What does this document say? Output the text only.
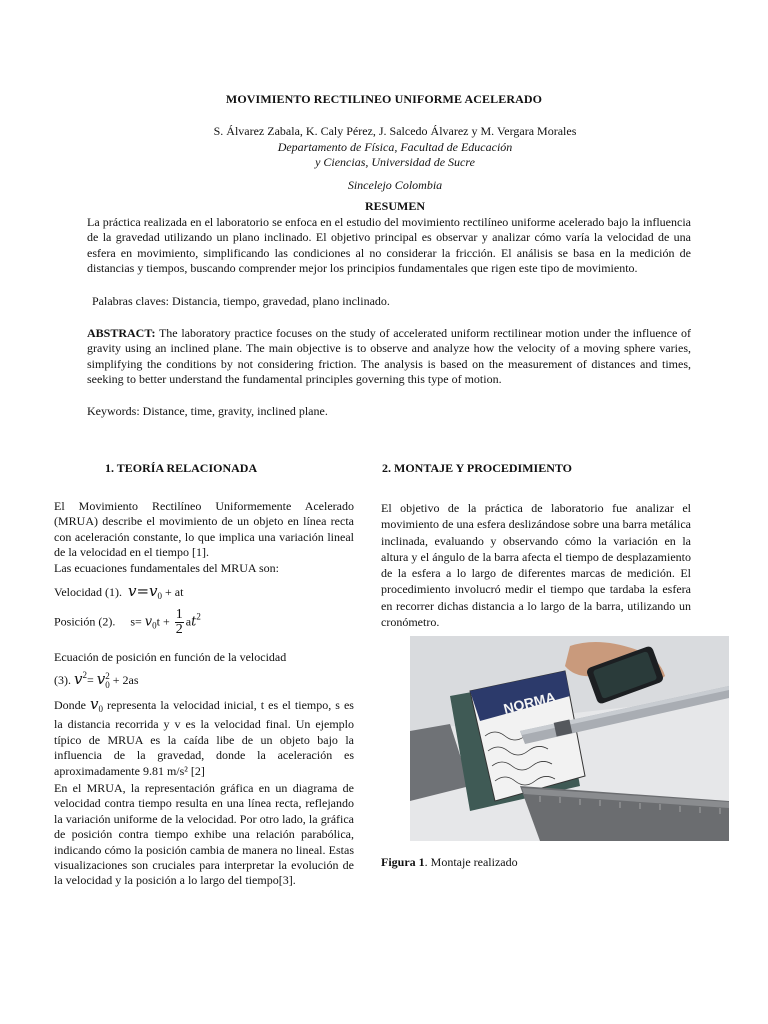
MOVIMIENTO RECTILINEO UNIFORME ACELERADO
S. Álvarez Zabala, K. Caly Pérez, J. Salcedo Álvarez y M. Vergara Morales
Departamento de Física, Facultad de Educación
y Ciencias, Universidad de Sucre
Sincelejo Colombia
RESUMEN
La práctica realizada en el laboratorio se enfoca en el estudio del movimiento rectilíneo uniforme acelerado bajo la influencia de la gravedad utilizando un plano inclinado. El objetivo principal es observar y analizar cómo varía la velocidad de una esfera en movimiento, simplificando las condiciones al no considerar la fricción. El análisis se basa en la medición de distancias y tiempos, buscando comprender mejor los principios fundamentales que rigen este tipo de movimiento.
Palabras claves: Distancia, tiempo, gravedad, plano inclinado.
ABSTRACT: The laboratory practice focuses on the study of accelerated uniform rectilinear motion under the influence of gravity using an inclined plane. The main objective is to observe and analyze how the velocity of a moving sphere varies, simplifying the conditions by not considering friction. The analysis is based on the measurement of distances and times, seeking to better understand the fundamental principles governing this type of motion.
Keywords: Distance, time, gravity, inclined plane.
1. TEORÍA RELACIONADA
El Movimiento Rectilíneo Uniformemente Acelerado (MRUA) describe el movimiento de un objeto en línea recta con aceleración constante, lo que implica una variación lineal de la velocidad en el tiempo [1].
Las ecuaciones fundamentales del MRUA son:
Velocidad (1). $v=v_0$ + at
Posición (2). $s= v_0t + \frac{1}{2} at^2$
Ecuación de posición en función de la velocidad
(3). $v^2= v$ 2
0 + 2as
Donde $v_0$ representa la velocidad inicial, t es el tiempo, s es la distancia recorrida y v es la velocidad final. Un ejemplo típico de MRUA es la caída libe de un objeto bajo la influencia de la gravedad, donde la aceleración es aproximadamente 9.81 m/s² [2]
En el MRUA, la representación gráfica en un diagrama de velocidad contra tiempo resulta en una línea recta, reflejando la variación uniforme de la velocidad. Por otro lado, la gráfica de posición contra tiempo exhibe una relación parabólica, indicando cómo la posición cambia de manera no lineal. Estas visualizaciones son cruciales para interpretar la evolución de la velocidad y la posición a lo largo del tiempo[3].
2. MONTAJE Y PROCEDIMIENTO
El objetivo de la práctica de laboratorio fue analizar el movimiento de una esfera deslizándose sobre una barra metálica inclinada, evaluando y observando cómo la variación en la altura y el ángulo de la barra afecta el tiempo de desplazamiento de la esfera a lo largo de diferentes marcas de medición. El procedimiento involucró medir el tiempo que tardaba la esfera en recorrer dichas distancia a lo largo de la barra, utilizando un cronómetro.
NORMA
Figura 1. Montaje realizado
